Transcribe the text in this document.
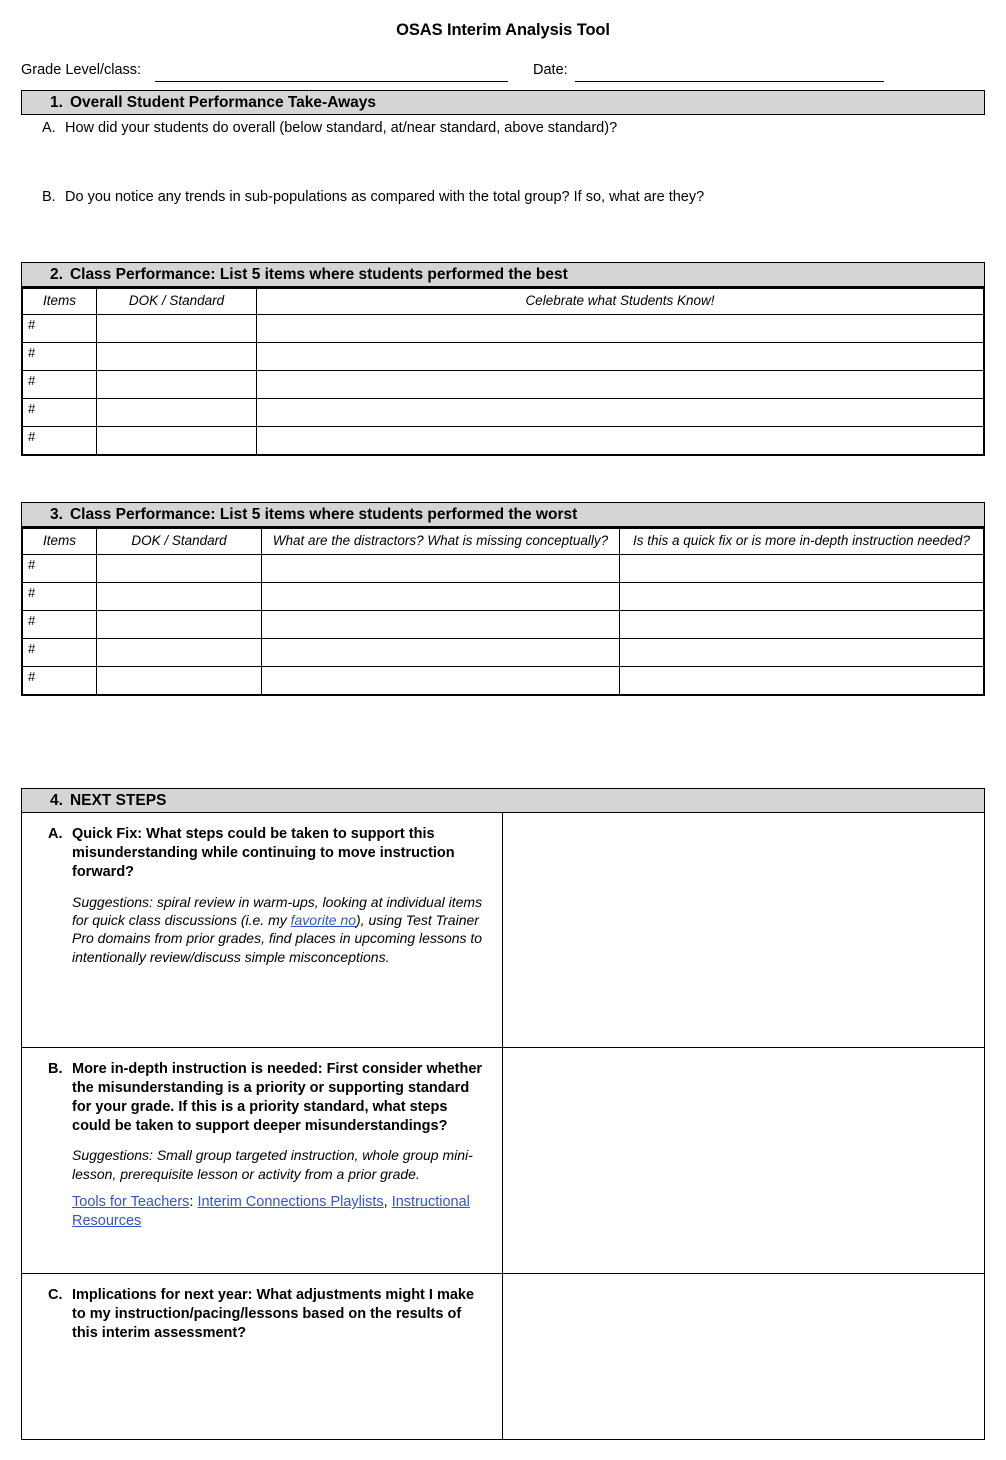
OSAS Interim Analysis Tool
Grade Level/class:	Date:
1. Overall Student Performance Take-Aways
A. How did your students do overall (below standard, at/near standard, above standard)?
B. Do you notice any trends in sub-populations as compared with the total group? If so, what are they?
2. Class Performance: List 5 items where students performed the best
Items	DOK / Standard	Celebrate what Students Know!
#		
#		
#		
#		
#		
3. Class Performance: List 5 items where students performed the worst
Items	DOK / Standard	What are the distractors? What is missing conceptually?	Is this a quick fix or is more in-depth instruction needed?
#			
#			
#			
#			
#			
4. NEXT STEPS
A. Quick Fix: What steps could be taken to support this misunderstanding while continuing to move instruction forward?
Suggestions: spiral review in warm-ups, looking at individual items for quick class discussions (i.e. my favorite no), using Test Trainer Pro domains from prior grades, find places in upcoming lessons to intentionally review/discuss simple misconceptions.
B. More in-depth instruction is needed: First consider whether the misunderstanding is a priority or supporting standard for your grade. If this is a priority standard, what steps could be taken to support deeper misunderstandings?
Suggestions: Small group targeted instruction, whole group mini-lesson, prerequisite lesson or activity from a prior grade.
Tools for Teachers: Interim Connections Playlists, Instructional Resources
C. Implications for next year: What adjustments might I make to my instruction/pacing/lessons based on the results of this interim assessment?
